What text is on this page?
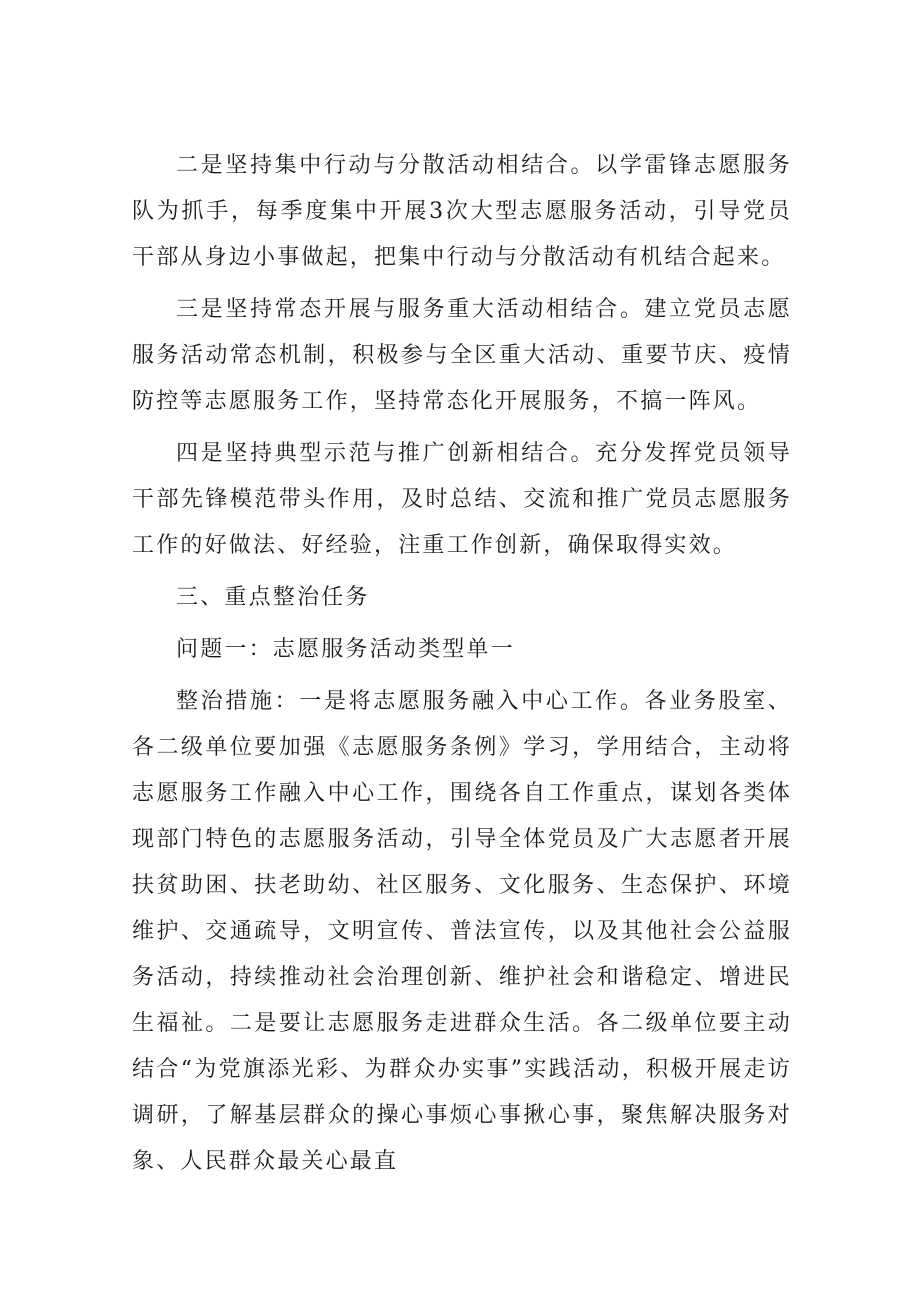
二是坚持集中行动与分散活动相结合。以学雷锋志愿服务队为抓手，每季度集中开展3次大型志愿服务活动，引导党员干部从身边小事做起，把集中行动与分散活动有机结合起来。

三是坚持常态开展与服务重大活动相结合。建立党员志愿服务活动常态机制，积极参与全区重大活动、重要节庆、疫情防控等志愿服务工作，坚持常态化开展服务，不搞一阵风。

四是坚持典型示范与推广创新相结合。充分发挥党员领导干部先锋模范带头作用，及时总结、交流和推广党员志愿服务工作的好做法、好经验，注重工作创新，确保取得实效。

三、重点整治任务

问题一：志愿服务活动类型单一

整治措施：一是将志愿服务融入中心工作。各业务股室、各二级单位要加强《志愿服务条例》学习，学用结合，主动将志愿服务工作融入中心工作，围绕各自工作重点，谋划各类体现部门特色的志愿服务活动，引导全体党员及广大志愿者开展扶贫助困、扶老助幼、社区服务、文化服务、生态保护、环境维护、交通疏导，文明宣传、普法宣传，以及其他社会公益服务活动，持续推动社会治理创新、维护社会和谐稳定、增进民生福祉。二是要让志愿服务走进群众生活。各二级单位要主动结合“为党旗添光彩、为群众办实事”实践活动，积极开展走访调研，了解基层群众的操心事烦心事揪心事，聚焦解决服务对象、人民群众最关心最直
